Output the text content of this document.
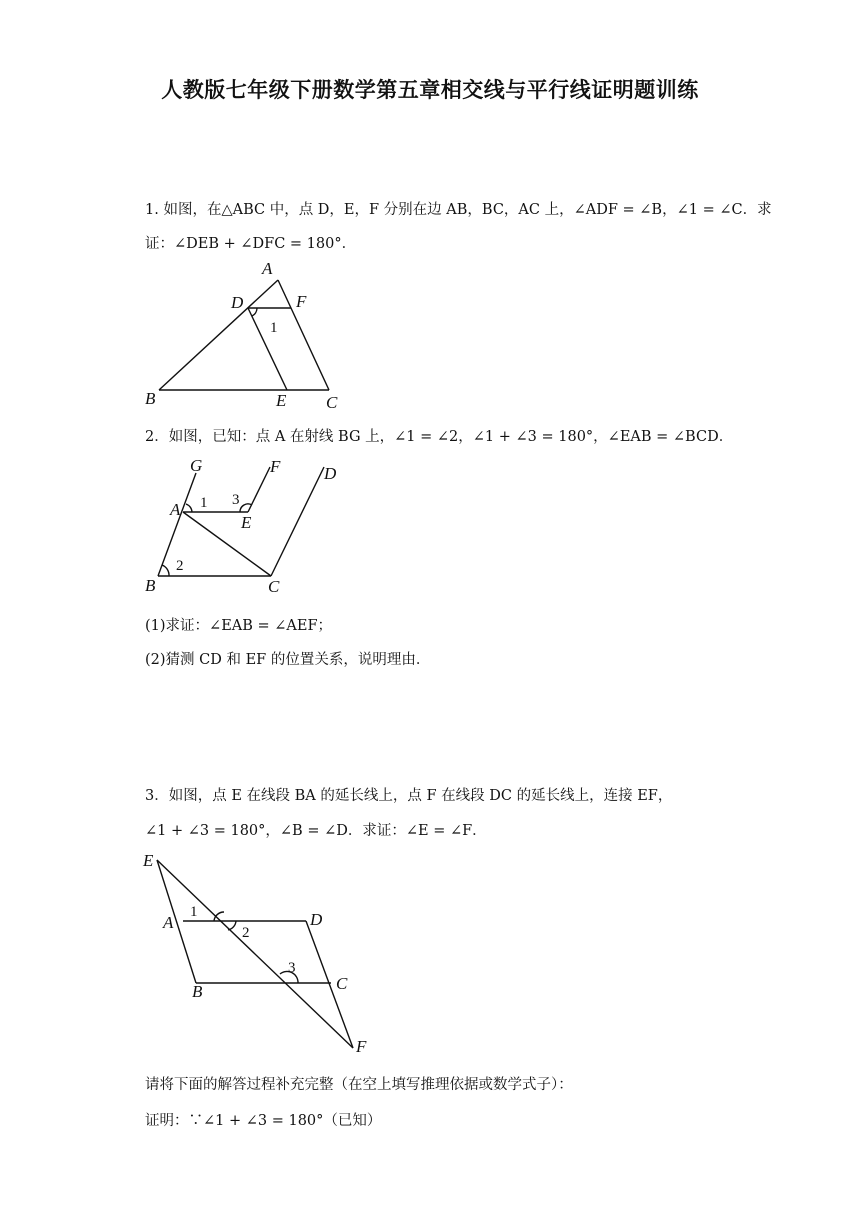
人教版七年级下册数学第五章相交线与平行线证明题训练
1. 如图，在△ABC 中，点 D，E，F 分别在边 AB，BC，AC 上，∠ADF = ∠B，∠1 = ∠C．求
证：∠DEB + ∠DFC = 180°．
A
D	F
1
B	E C
2．如图，已知：点 A 在射线 BG 上，∠1 = ∠2，∠1 + ∠3 = 180°，∠EAB = ∠BCD．
G	F	D
A 1 3
E
2
B	C
(1)求证：∠EAB = ∠AEF；
(2)猜测 CD 和 EF 的位置关系，说明理由．
3．如图，点 E 在线段 BA 的延长线上，点 F 在线段 DC 的延长线上，连接 EF，
∠1 + ∠3 = 180°，∠B = ∠D．求证：∠E = ∠F．
E
A
1
2
D
3
B	C
F
请将下面的解答过程补充完整（在空上填写推理依据或数学式子）：
证明：∵∠1 + ∠3 = 180°（已知）
